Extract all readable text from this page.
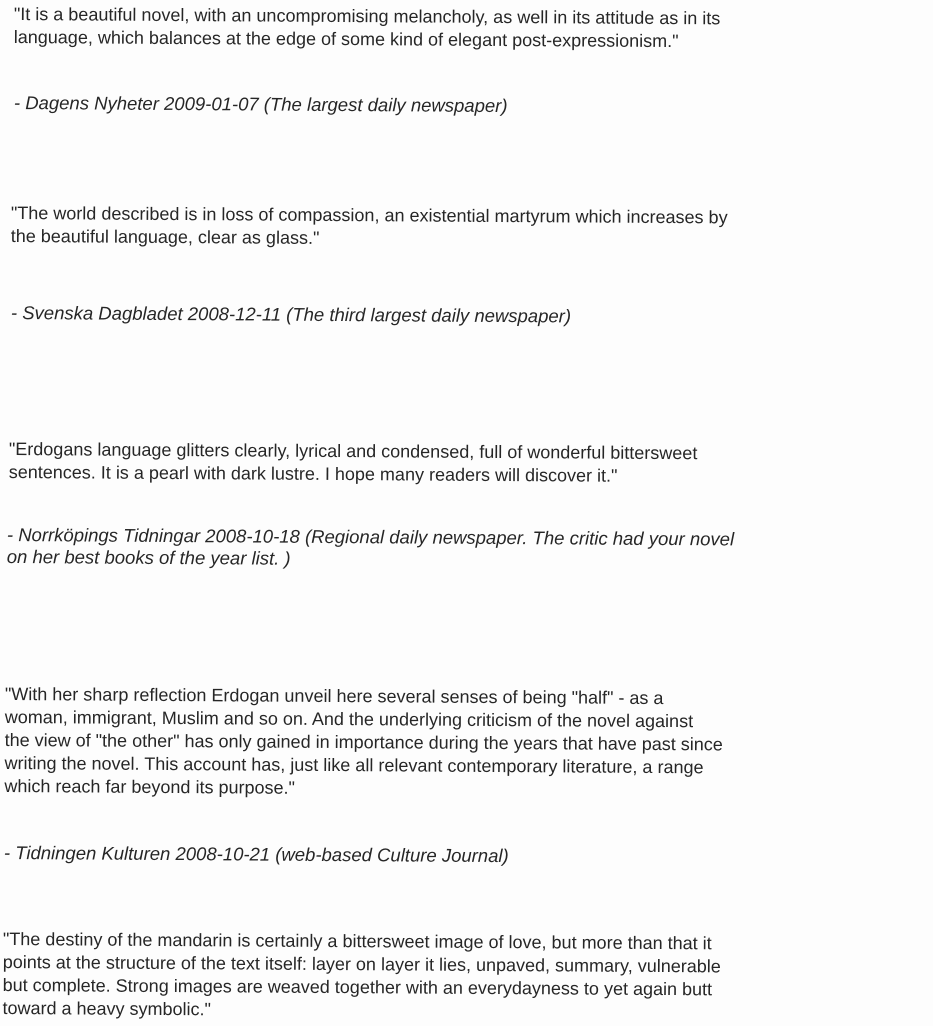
"It is a beautiful novel, with an uncompromising melancholy, as well in its attitude as in its
language, which balances at the edge of some kind of elegant post-expressionism."

- Dagens Nyheter 2009-01-07 (The largest daily newspaper)

"The world described is in loss of compassion, an existential martyrum which increases by
the beautiful language, clear as glass."

- Svenska Dagbladet 2008-12-11 (The third largest daily newspaper)

"Erdogans language glitters clearly, lyrical and condensed, full of wonderful bittersweet
sentences. It is a pearl with dark lustre. I hope many readers will discover it."

- Norrköpings Tidningar 2008-10-18 (Regional daily newspaper. The critic had your novel
on her best books of the year list. )

"With her sharp reflection Erdogan unveil here several senses of being "half" - as a
woman, immigrant, Muslim and so on. And the underlying criticism of the novel against
the view of "the other" has only gained in importance during the years that have past since
writing the novel. This account has, just like all relevant contemporary literature, a range
which reach far beyond its purpose."

- Tidningen Kulturen 2008-10-21 (web-based Culture Journal)

"The destiny of the mandarin is certainly a bittersweet image of love, but more than that it
points at the structure of the text itself: layer on layer it lies, unpaved, summary, vulnerable
but complete. Strong images are weaved together with an everydayness to yet again butt
toward a heavy symbolic."
